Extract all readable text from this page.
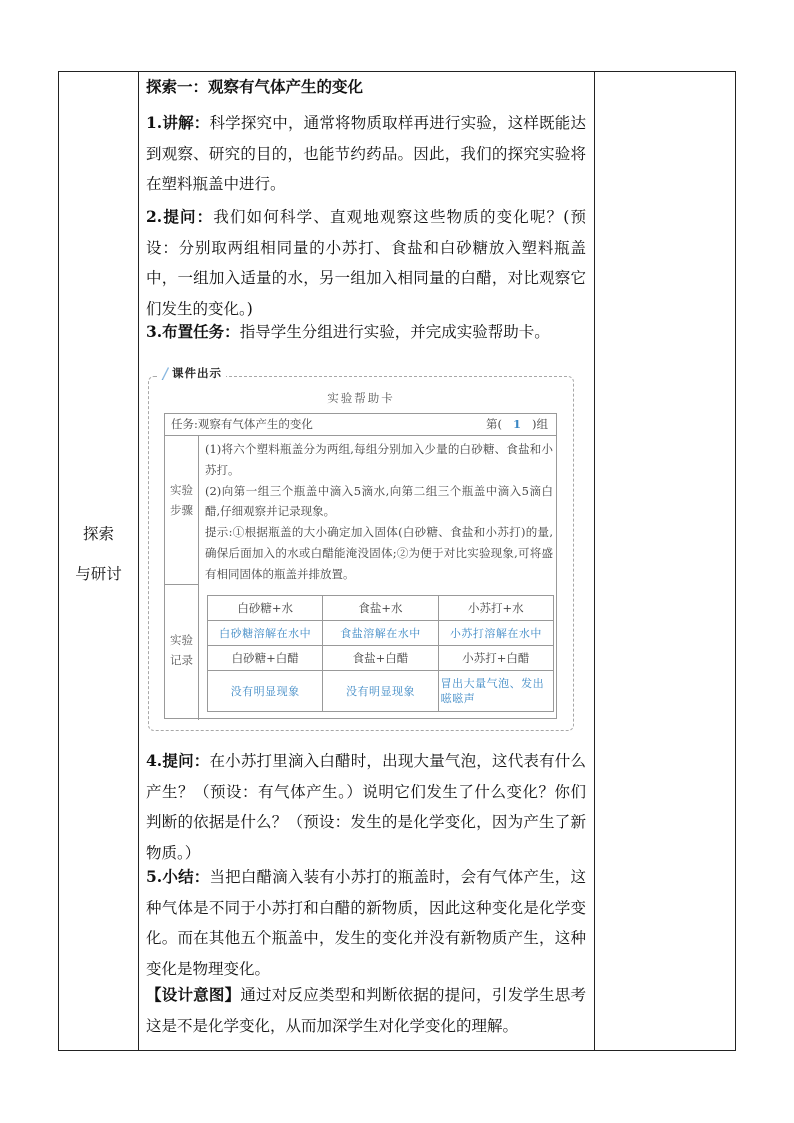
探索
与研讨
探索一：观察有气体产生的变化
1.讲解：科学探究中，通常将物质取样再进行实验，这样既能达到观察、研究的目的，也能节约药品。因此，我们的探究实验将在塑料瓶盖中进行。
2.提问：我们如何科学、直观地观察这些物质的变化呢？(预设：分别取两组相同量的小苏打、食盐和白砂糖放入塑料瓶盖中，一组加入适量的水，另一组加入相同量的白醋，对比观察它们发生的变化。)
3.布置任务：指导学生分组进行实验，并完成实验帮助卡。
4.提问：在小苏打里滴入白醋时，出现大量气泡，这代表有什么产生？（预设：有气体产生。）说明它们发生了什么变化？你们判断的依据是什么？（预设：发生的是化学变化，因为产生了新物质。）
5.小结：当把白醋滴入装有小苏打的瓶盖时，会有气体产生，这种气体是不同于小苏打和白醋的新物质，因此这种变化是化学变化。而在其他五个瓶盖中，发生的变化并没有新物质产生，这种变化是物理变化。
【设计意图】通过对反应类型和判断依据的提问，引发学生思考这是不是化学变化，从而加深学生对化学变化的理解。
课件出示
实验帮助卡
任务:观察有气体产生的变化	第( 1 )组
实验步骤
(1)将六个塑料瓶盖分为两组,每组分别加入少量的白砂糖、食盐和小苏打。
(2)向第一组三个瓶盖中滴入5滴水,向第二组三个瓶盖中滴入5滴白醋,仔细观察并记录现象。
提示:①根据瓶盖的大小确定加入固体(白砂糖、食盐和小苏打)的量,确保后面加入的水或白醋能淹没固体;②为便于对比实验现象,可将盛有相同固体的瓶盖并排放置。
实验记录
白砂糖+水	食盐+水	小苏打+水
白砂糖溶解在水中	食盐溶解在水中	小苏打溶解在水中
白砂糖+白醋	食盐+白醋	小苏打+白醋
没有明显现象	没有明显现象	冒出大量气泡、发出嗞嗞声
